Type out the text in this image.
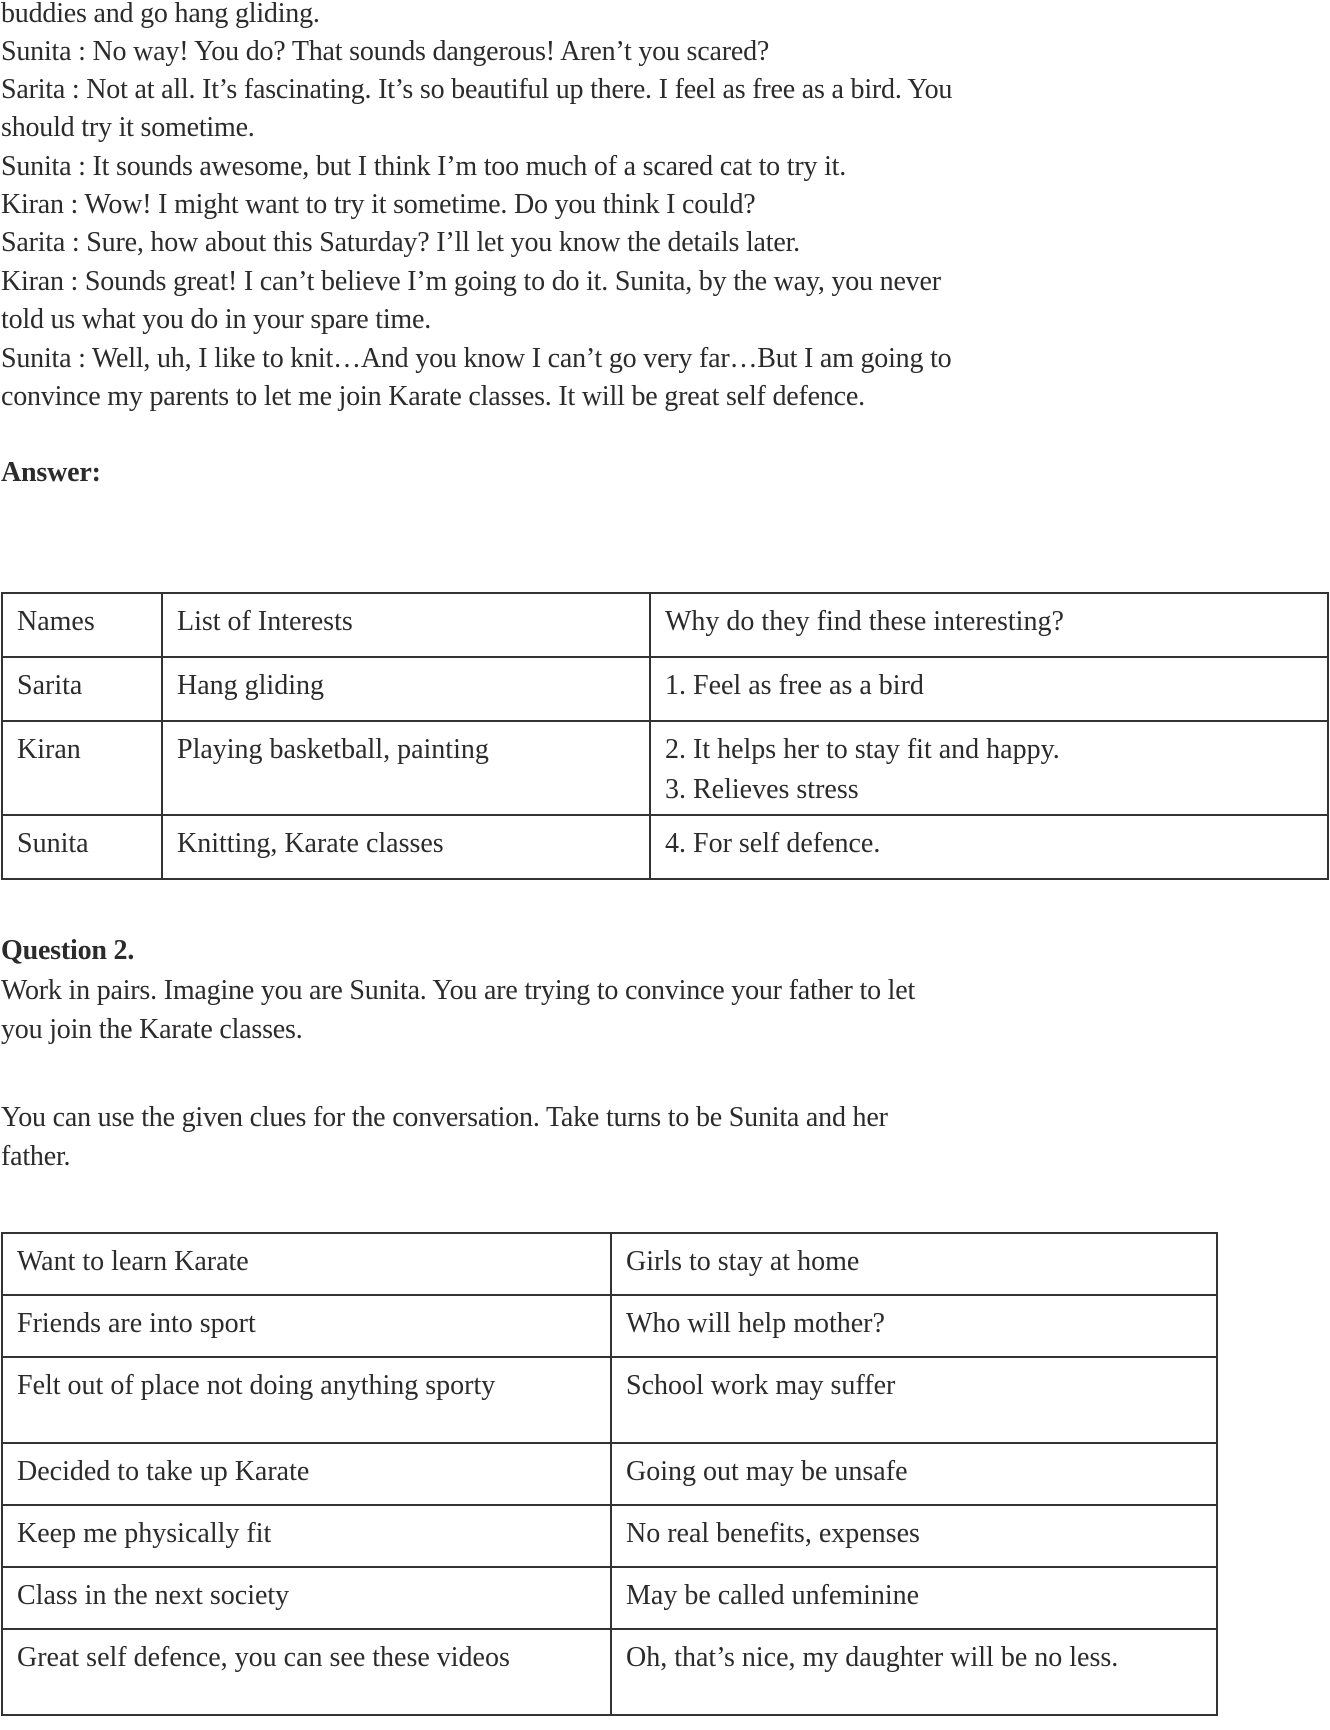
buddies and go hang gliding.
Sunita : No way! You do? That sounds dangerous! Aren’t you scared?
Sarita : Not at all. It’s fascinating. It’s so beautiful up there. I feel as free as a bird. You
should try it sometime.
Sunita : It sounds awesome, but I think I’m too much of a scared cat to try it.
Kiran : Wow! I might want to try it sometime. Do you think I could?
Sarita : Sure, how about this Saturday? I’ll let you know the details later.
Kiran : Sounds great! I can’t believe I’m going to do it. Sunita, by the way, you never
told us what you do in your spare time.
Sunita : Well, uh, I like to knit…And you know I can’t go very far…But I am going to
convince my parents to let me join Karate classes. It will be great self defence.
Answer:
Names	List of Interests	Why do they find these interesting?
Sarita	Hang gliding	1. Feel as free as a bird

Kiran	Playing basketball, painting	2. It helps her to stay fit and happy.
3. Relieves stress

Sunita	Knitting, Karate classes	4. For self defence.
Question 2.
Work in pairs. Imagine you are Sunita. You are trying to convince your father to let
you join the Karate classes.
You can use the given clues for the conversation. Take turns to be Sunita and her
father.
Want to learn Karate	Girls to stay at home
Friends are into sport	Who will help mother?
Felt out of place not doing anything sporty	School work may suffer
Decided to take up Karate	Going out may be unsafe
Keep me physically fit	No real benefits, expenses
Class in the next society	May be called unfeminine
Great self defence, you can see these videos	Oh, that’s nice, my daughter will be no less.
